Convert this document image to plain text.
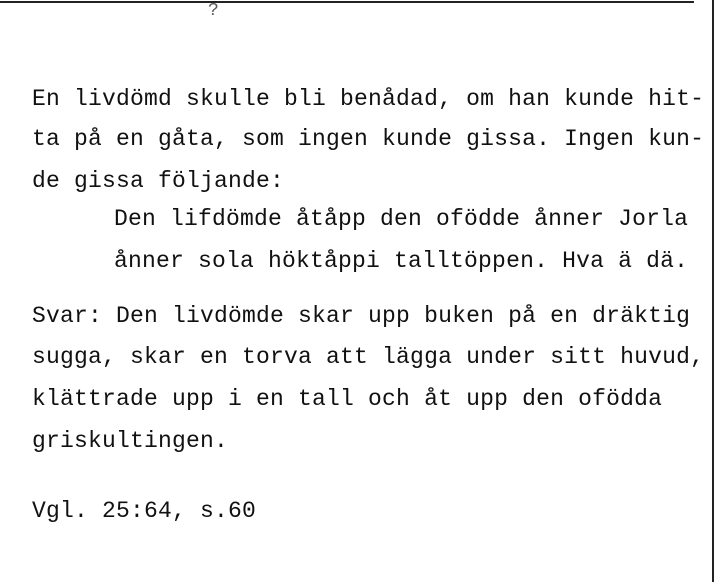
?
En livdömd skulle bli benådad, om han kunde hit-
ta på en gåta, som ingen kunde gissa. Ingen kun-
de gissa följande:
Den lifdömde åtåpp den ofödde ånner Jorla
ånner sola höktåppi talltöppen. Hva ä dä.
Svar: Den livdömde skar upp buken på en dräktig
sugga, skar en torva att lägga under sitt huvud,
klättrade upp i en tall och åt upp den ofödda
griskultingen.
Vgl. 25:64, s.60
